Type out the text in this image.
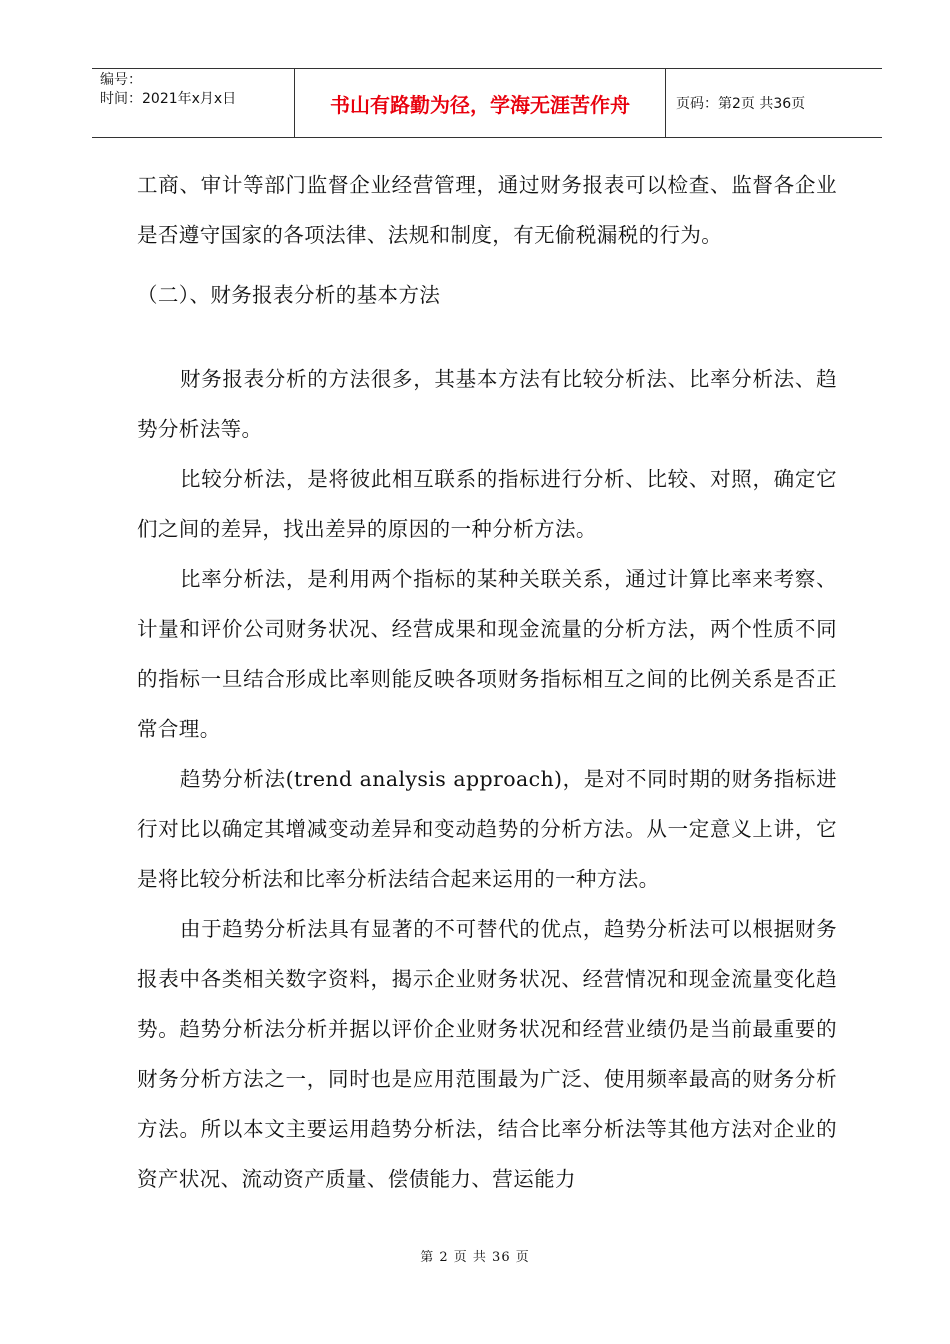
编号：
时间：2021年x月x日	书山有路勤为径，学海无涯苦作舟	页码：第2页 共36页

工商、审计等部门监督企业经营管理，通过财务报表可以检查、监督各企业是否遵守国家的各项法律、法规和制度，有无偷税漏税的行为。

（二）、财务报表分析的基本方法

财务报表分析的方法很多，其基本方法有比较分析法、比率分析法、趋势分析法等。

比较分析法，是将彼此相互联系的指标进行分析、比较、对照，确定它们之间的差异，找出差异的原因的一种分析方法。

比率分析法，是利用两个指标的某种关联关系，通过计算比率来考察、计量和评价公司财务状况、经营成果和现金流量的分析方法，两个性质不同的指标一旦结合形成比率则能反映各项财务指标相互之间的比例关系是否正常合理。

趋势分析法(trend analysis approach)，是对不同时期的财务指标进行对比以确定其增减变动差异和变动趋势的分析方法。从一定意义上讲，它是将比较分析法和比率分析法结合起来运用的一种方法。

由于趋势分析法具有显著的不可替代的优点，趋势分析法可以根据财务报表中各类相关数字资料，揭示企业财务状况、经营情况和现金流量变化趋势。趋势分析法分析并据以评价企业财务状况和经营业绩仍是当前最重要的财务分析方法之一，同时也是应用范围最为广泛、使用频率最高的财务分析方法。所以本文主要运用趋势分析法，结合比率分析法等其他方法对企业的资产状况、流动资产质量、偿债能力、营运能力

第 2 页 共 36 页
